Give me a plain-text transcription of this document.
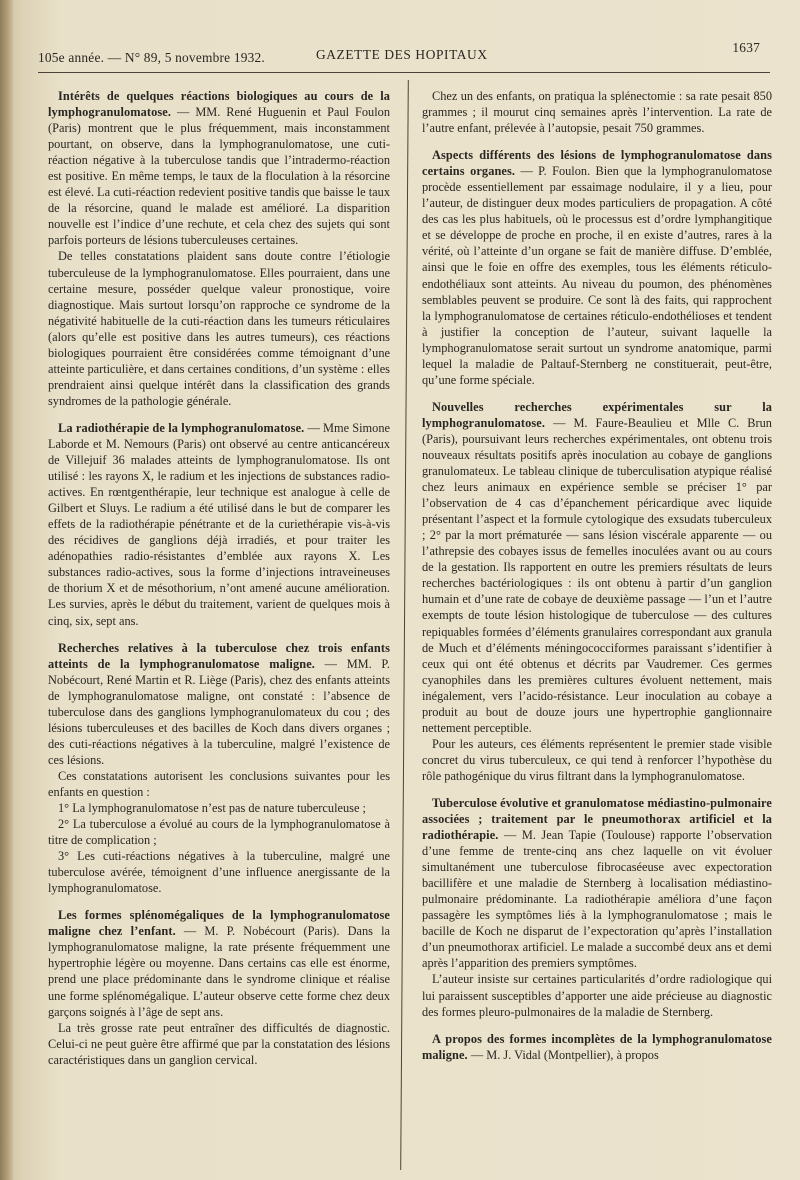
105e année. — N° 89, 5 novembre 1932.	GAZETTE DES HOPITAUX	1637

Intérêts de quelques réactions biologiques au cours de la lymphogranulomatose. — MM. René Huguenin et Paul Foulon (Paris) montrent que le plus fréquemment, mais inconstamment pourtant, on observe, dans la lymphogranulomatose, une cuti-réaction négative à la tuberculose tandis que l’intradermo-réaction est positive. En même temps, le taux de la floculation à la résorcine est élevé. La cuti-réaction redevient positive tandis que baisse le taux de la résorcine, quand le malade est amélioré. La disparition nouvelle est l’indice d’une rechute, et cela chez des sujets qui sont parfois porteurs de lésions tuberculeuses certaines.

De telles constatations plaident sans doute contre l’étiologie tuberculeuse de la lymphogranulomatose. Elles pourraient, dans une certaine mesure, posséder quelque valeur pronostique, voire diagnostique. Mais surtout lorsqu’on rapproche ce syndrome de la négativité habituelle de la cuti-réaction dans les tumeurs réticulaires (alors qu’elle est positive dans les autres tumeurs), ces réactions biologiques pourraient être considérées comme témoignant d’une atteinte particulière, et dans certaines conditions, d’un système : elles prendraient ainsi quelque intérêt dans la classification des grands syndromes de la pathologie générale.

La radiothérapie de la lymphogranulomatose. — Mme Simone Laborde et M. Nemours (Paris) ont observé au centre anticancéreux de Villejuif 36 malades atteints de lymphogranulomatose. Ils ont utilisé : les rayons X, le radium et les injections de substances radio-actives. En rœntgenthérapie, leur technique est analogue à celle de Gilbert et Sluys. Le radium a été utilisé dans le but de comparer les effets de la radiothérapie pénétrante et de la curiethérapie vis-à-vis des récidives de ganglions déjà irradiés, et pour traiter les adénopathies radio-résistantes d’emblée aux rayons X. Les substances radio-actives, sous la forme d’injections intraveineuses de thorium X et de mésothorium, n’ont amené aucune amélioration. Les survies, après le début du traitement, varient de quelques mois à cinq, six, sept ans.

Recherches relatives à la tuberculose chez trois enfants atteints de la lymphogranulomatose maligne. — MM. P. Nobécourt, René Martin et R. Liège (Paris), chez des enfants atteints de lymphogranulomatose maligne, ont constaté : l’absence de tuberculose dans des ganglions lymphogranulomateux du cou ; des lésions tuberculeuses et des bacilles de Koch dans divers organes ; des cuti-réactions négatives à la tuberculine, malgré l’existence de ces lésions.

Ces constatations autorisent les conclusions suivantes pour les enfants en question :

1° La lymphogranulomatose n’est pas de nature tuberculeuse ;

2° La tuberculose a évolué au cours de la lymphogranulomatose à titre de complication ;

3° Les cuti-réactions négatives à la tuberculine, malgré une tuberculose avérée, témoignent d’une influence anergissante de la lymphogranulomatose.

Les formes splénomégaliques de la lymphogranulomatose maligne chez l’enfant. — M. P. Nobécourt (Paris). Dans la lymphogranulomatose maligne, la rate présente fréquemment une hypertrophie légère ou moyenne. Dans certains cas elle est énorme, prend une place prédominante dans le syndrome clinique et réalise une forme splénomégalique. L’auteur observe cette forme chez deux garçons soignés à l’âge de sept ans.

La très grosse rate peut entraîner des difficultés de diagnostic. Celui-ci ne peut guère être affirmé que par la constatation des lésions caractéristiques dans un ganglion cervical.

Chez un des enfants, on pratiqua la splénectomie : sa rate pesait 850 grammes ; il mourut cinq semaines après l’intervention. La rate de l’autre enfant, prélevée à l’autopsie, pesait 750 grammes.

Aspects différents des lésions de lymphogranulomatose dans certains organes. — P. Foulon. Bien que la lymphogranulomatose procède essentiellement par essaimage nodulaire, il y a lieu, pour l’auteur, de distinguer deux modes particuliers de propagation. A côté des cas les plus habituels, où le processus est d’ordre lymphangitique et se développe de proche en proche, il en existe d’autres, rares à la vérité, où l’atteinte d’un organe se fait de manière diffuse. D’emblée, ainsi que le foie en offre des exemples, tous les éléments réticulo-endothéliaux sont atteints. Au niveau du poumon, des phénomènes semblables peuvent se produire. Ce sont là des faits, qui rapprochent la lymphogranulomatose de certaines réticulo-endothélioses et tendent à justifier la conception de l’auteur, suivant laquelle la lymphogranulomatose serait surtout un syndrome anatomique, parmi lequel la maladie de Paltauf-Sternberg ne constituerait, peut-être, qu’une forme spéciale.

Nouvelles recherches expérimentales sur la lymphogranulomatose. — M. Faure-Beaulieu et Mlle C. Brun (Paris), poursuivant leurs recherches expérimentales, ont obtenu trois nouveaux résultats positifs après inoculation au cobaye de ganglions granulomateux. Le tableau clinique de tuberculisation atypique réalisé chez leurs animaux en expérience semble se préciser 1° par l’observation de 4 cas d’épanchement péricardique avec liquide présentant l’aspect et la formule cytologique des exsudats tuberculeux ; 2° par la mort prématurée — sans lésion viscérale apparente — ou l’athrepsie des cobayes issus de femelles inoculées avant ou au cours de la gestation. Ils rapportent en outre les premiers résultats de leurs recherches bactériologiques : ils ont obtenu à partir d’un ganglion humain et d’une rate de cobaye de deuxième passage — l’un et l’autre exempts de toute lésion histologique de tuberculose — des cultures repiquables formées d’éléments granulaires correspondant aux granula de Much et d’éléments méningococciformes paraissant s’identifier à ceux qui ont été obtenus et décrits par Vaudremer. Ces germes cyanophiles dans les premières cultures évoluent nettement, mais inégalement, vers l’acido-résistance. Leur inoculation au cobaye a produit au bout de douze jours une hypertrophie ganglionnaire nettement perceptible.

Pour les auteurs, ces éléments représentent le premier stade visible concret du virus tuberculeux, ce qui tend à renforcer l’hypothèse du rôle pathogénique du virus filtrant dans la lymphogranulomatose.

Tuberculose évolutive et granulomatose médiastino-pulmonaire associées ; traitement par le pneumothorax artificiel et la radiothérapie. — M. Jean Tapie (Toulouse) rapporte l’observation d’une femme de trente-cinq ans chez laquelle on vit évoluer simultanément une tuberculose fibrocaséeuse avec expectoration bacillifère et une maladie de Sternberg à localisation médiastino-pulmonaire prédominante. La radiothérapie améliora d’une façon passagère les symptômes liés à la lymphogranulomatose ; mais le bacille de Koch ne disparut de l’expectoration qu’après l’installation d’un pneumothorax artificiel. Le malade a succombé deux ans et demi après l’apparition des premiers symptômes.

L’auteur insiste sur certaines particularités d’ordre radiologique qui lui paraissent susceptibles d’apporter une aide précieuse au diagnostic des formes pleuro-pulmonaires de la maladie de Sternberg.

A propos des formes incomplètes de la lymphogranulomatose maligne. — M. J. Vidal (Montpellier), à propos
